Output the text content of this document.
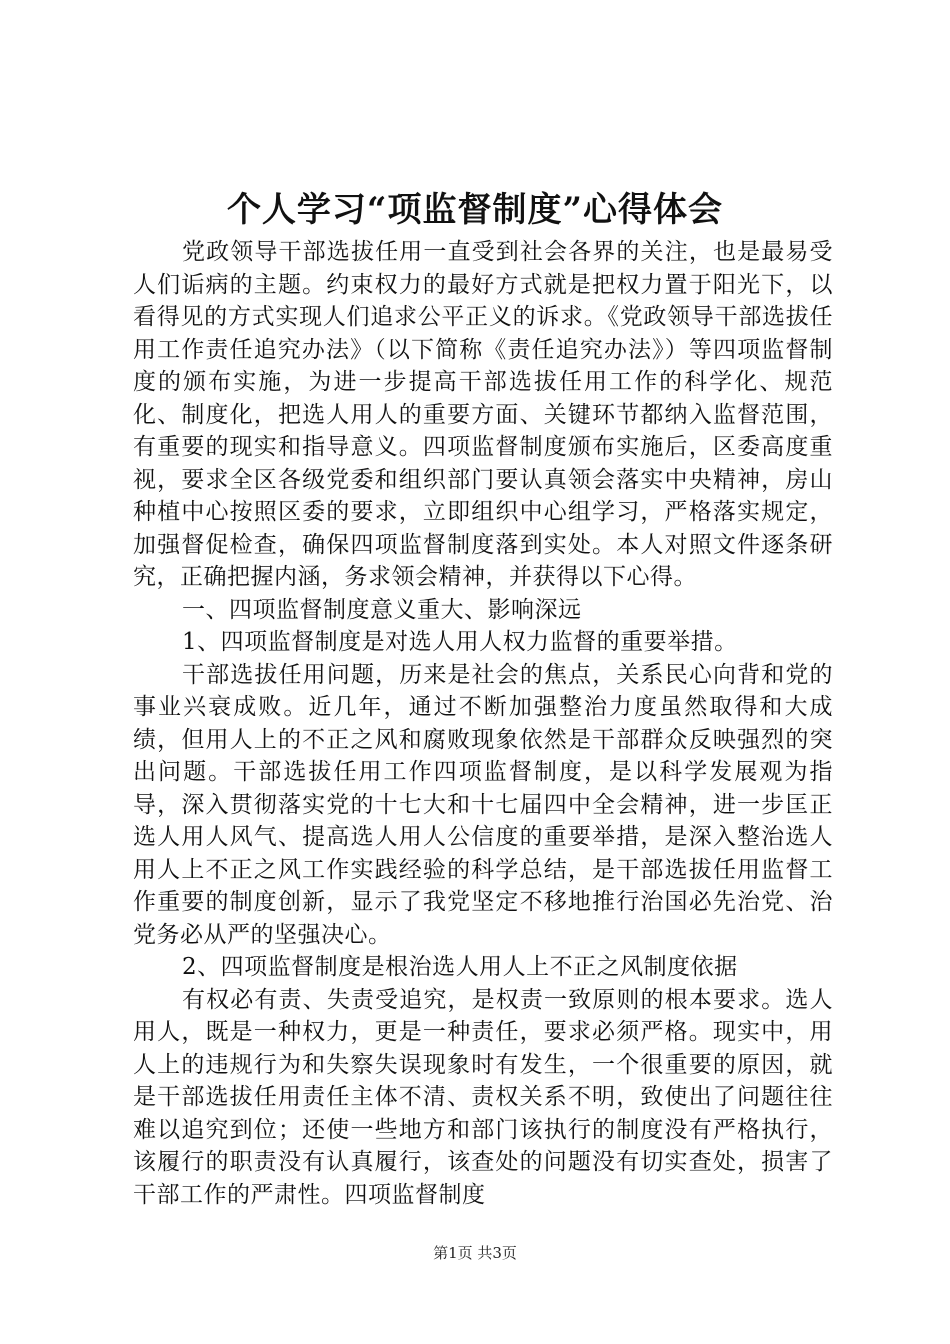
个人学习“项监督制度”心得体会

党政领导干部选拔任用一直受到社会各界的关注，也是最易受人们诟病的主题。约束权力的最好方式就是把权力置于阳光下，以看得见的方式实现人们追求公平正义的诉求。《党政领导干部选拔任用工作责任追究办法》（以下简称《责任追究办法》）等四项监督制度的颁布实施，为进一步提高干部选拔任用工作的科学化、规范化、制度化，把选人用人的重要方面、关键环节都纳入监督范围，有重要的现实和指导意义。四项监督制度颁布实施后，区委高度重视，要求全区各级党委和组织部门要认真领会落实中央精神，房山种植中心按照区委的要求，立即组织中心组学习，严格落实规定，加强督促检查，确保四项监督制度落到实处。本人对照文件逐条研究，正确把握内涵，务求领会精神，并获得以下心得。

一、四项监督制度意义重大、影响深远

1、四项监督制度是对选人用人权力监督的重要举措。

干部选拔任用问题，历来是社会的焦点，关系民心向背和党的事业兴衰成败。近几年，通过不断加强整治力度虽然取得和大成绩，但用人上的不正之风和腐败现象依然是干部群众反映强烈的突出问题。干部选拔任用工作四项监督制度，是以科学发展观为指导，深入贯彻落实党的十七大和十七届四中全会精神，进一步匡正选人用人风气、提高选人用人公信度的重要举措，是深入整治选人用人上不正之风工作实践经验的科学总结，是干部选拔任用监督工作重要的制度创新，显示了我党坚定不移地推行治国必先治党、治党务必从严的坚强决心。

2、四项监督制度是根治选人用人上不正之风制度依据

有权必有责、失责受追究，是权责一致原则的根本要求。选人用人，既是一种权力，更是一种责任，要求必须严格。现实中，用人上的违规行为和失察失误现象时有发生，一个很重要的原因，就是干部选拔任用责任主体不清、责权关系不明，致使出了问题往往难以追究到位；还使一些地方和部门该执行的制度没有严格执行，该履行的职责没有认真履行，该查处的问题没有切实查处，损害了干部工作的严肃性。四项监督制度

第1页 共3页
